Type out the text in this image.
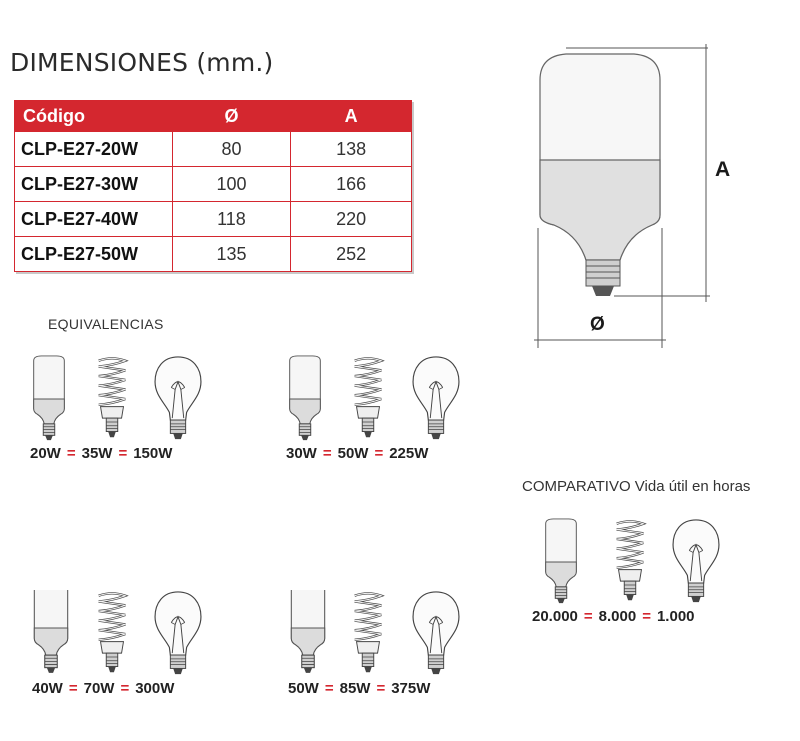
DIMENSIONES (mm.)
Código	Ø	A
CLP-E27-20W	80	138
CLP-E27-30W	100	166
CLP-E27-40W	118	220
CLP-E27-50W	135	252
A
Ø
EQUIVALENCIAS
20W = 35W = 150W	30W = 50W = 225W
40W = 70W = 300W	50W = 85W = 375W
COMPARATIVO Vida útil en horas
20.000 = 8.000 = 1.000
